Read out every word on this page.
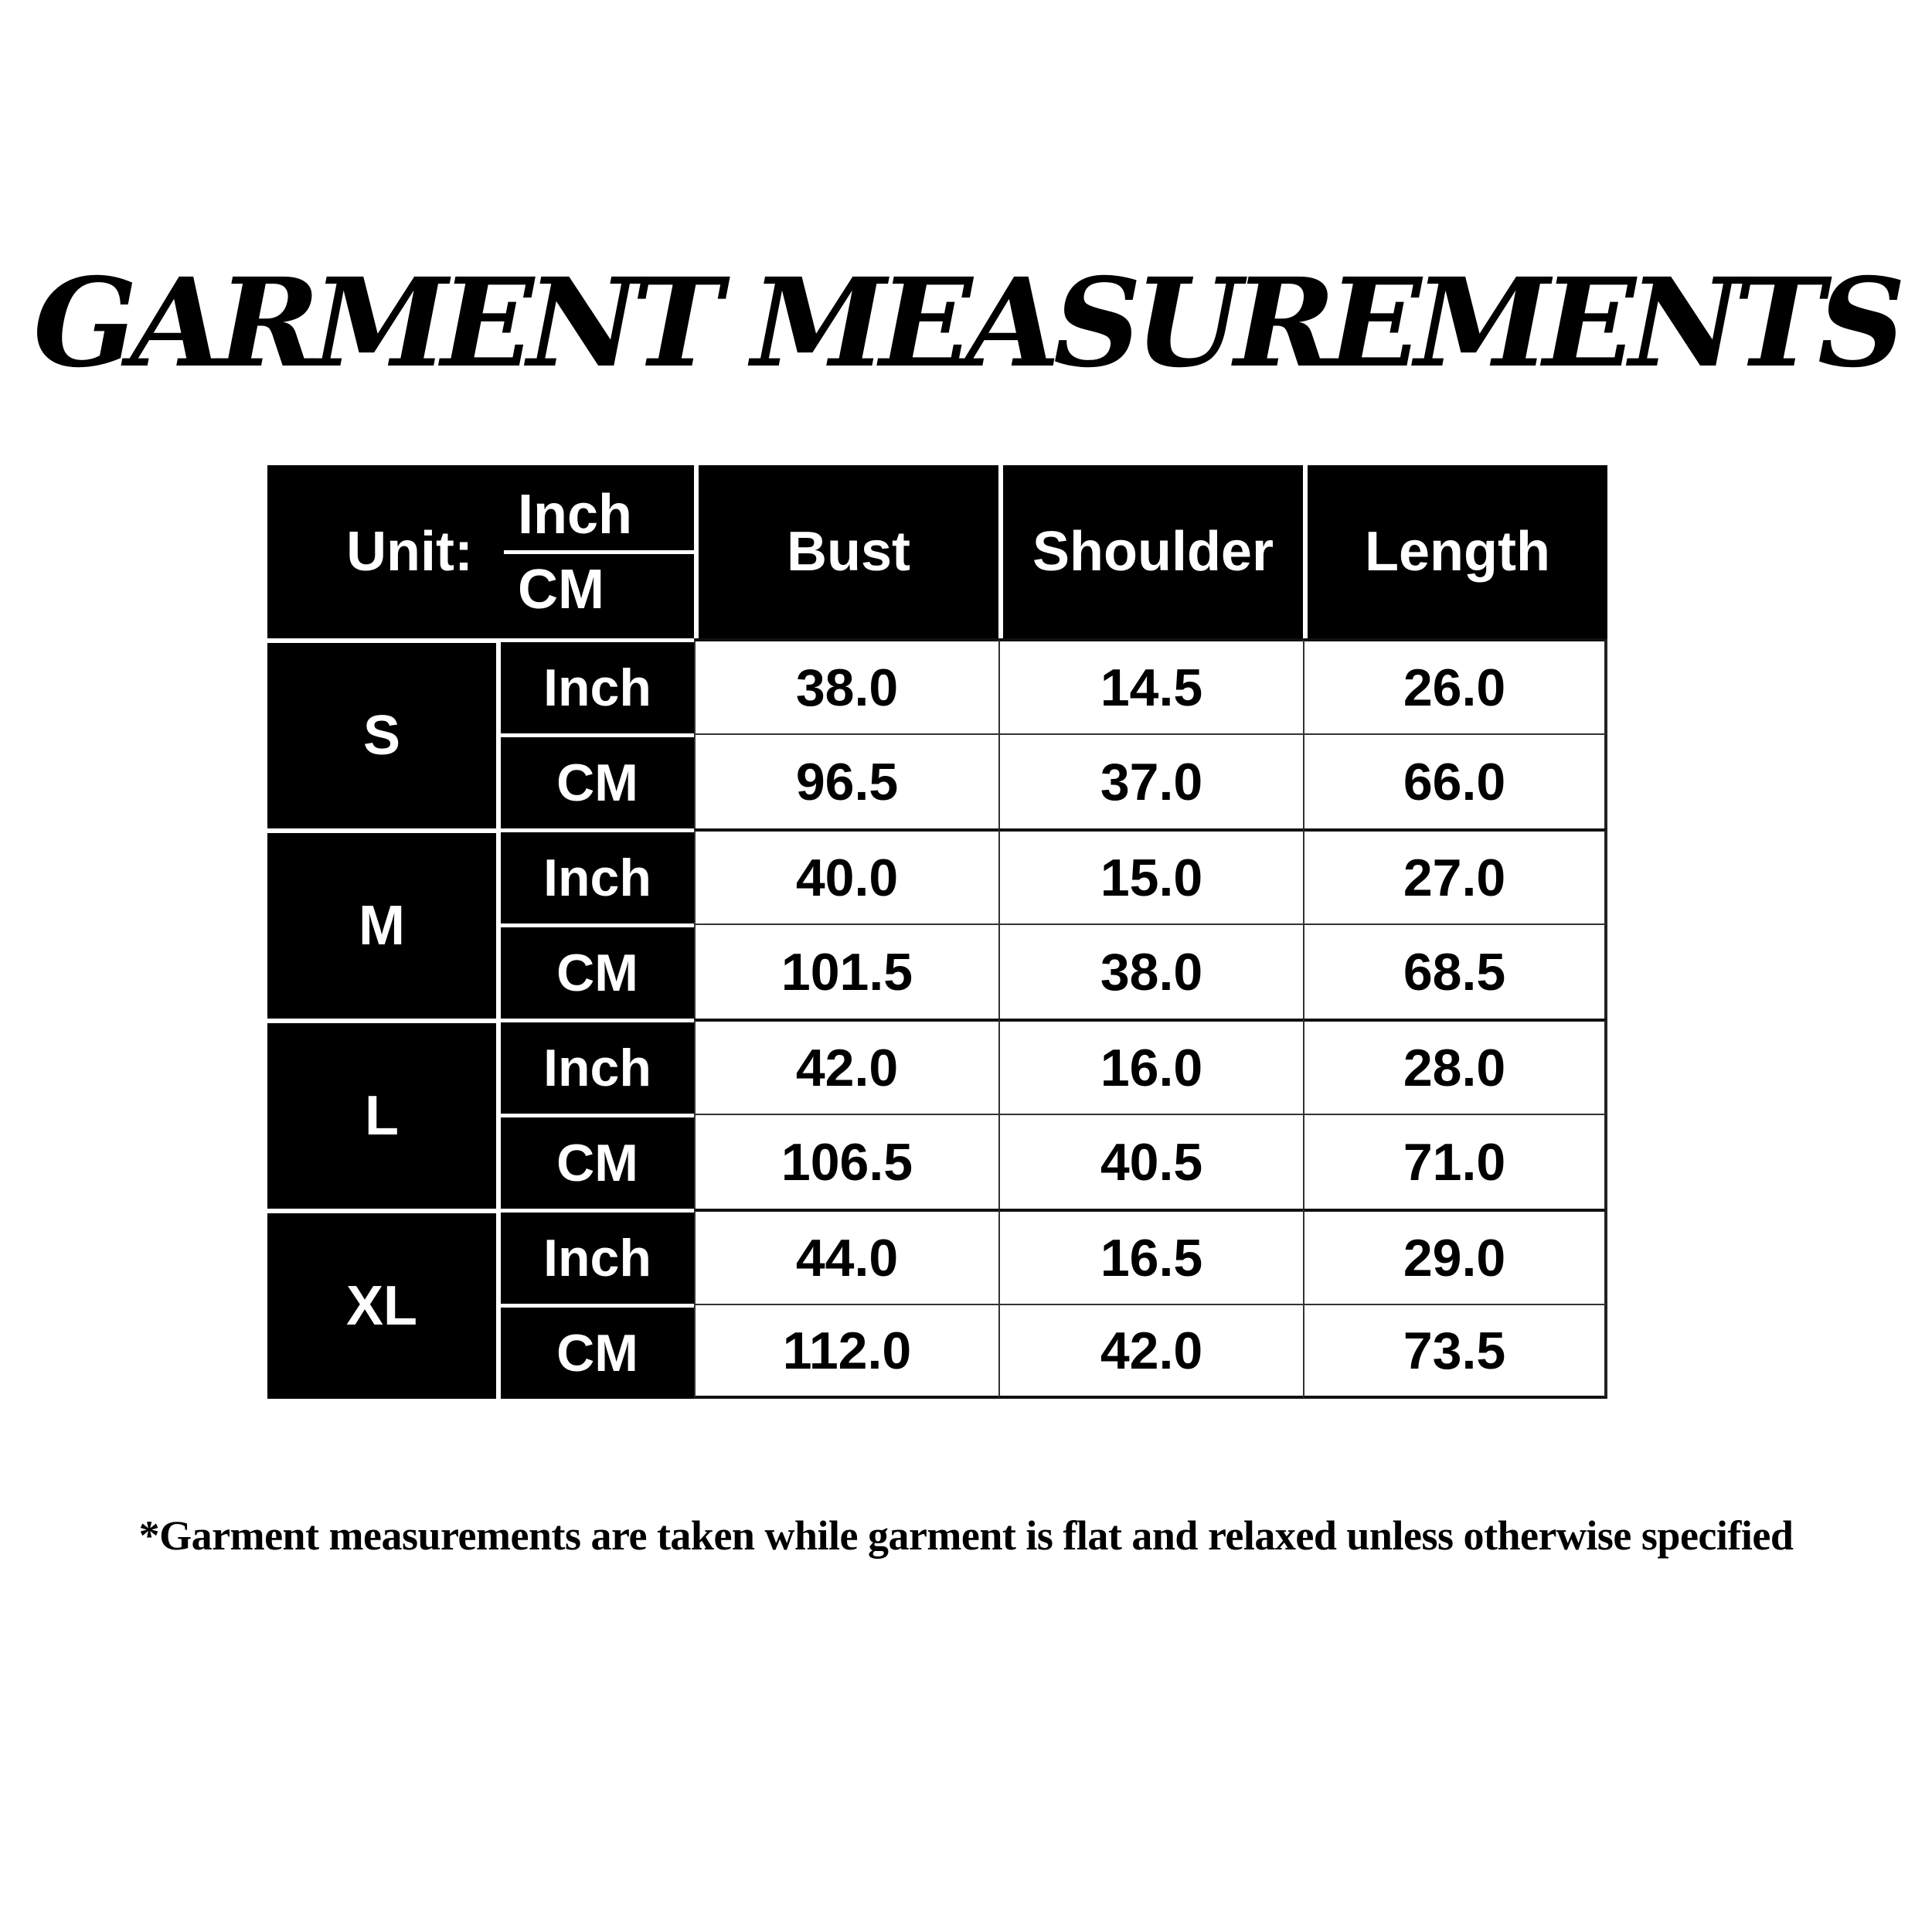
GARMENT MEASUREMENTS
Unit: $\frac{\text{Inch}}{CM}$		Bust	Shoulder	Length
S	Inch	38.0	14.5	26.0
	CM	96.5	37.0	66.0
M	Inch	40.0	15.0	27.0
	CM	101.5	38.0	68.5
L	Inch	42.0	16.0	28.0
	CM	106.5	40.5	71.0
XL	Inch	44.0	16.5	29.0
	CM	112.0	42.0	73.5

*Garment measurements are taken while garment is flat and relaxed unless otherwise specified
